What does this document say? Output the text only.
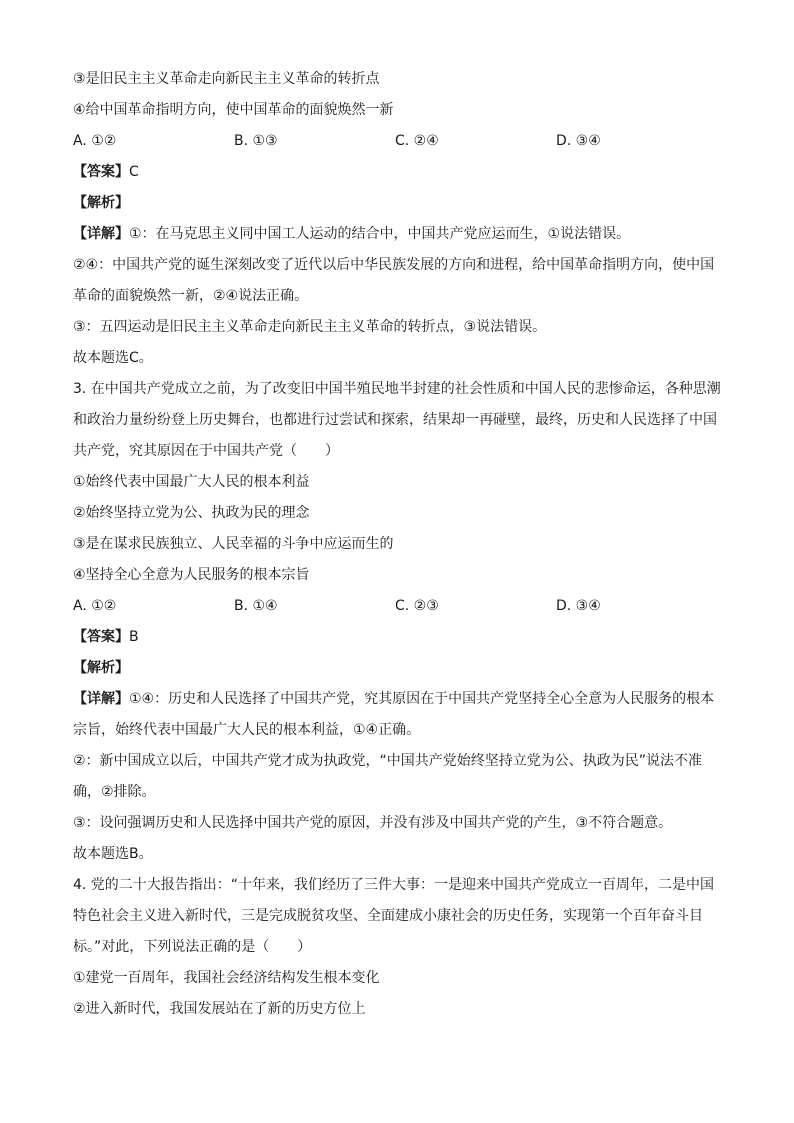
③是旧民主主义革命走向新民主主义革命的转折点
④给中国革命指明方向，使中国革命的面貌焕然一新
A. ①②	B. ①③	C. ②④	D. ③④
【答案】C
【解析】
【详解】①：在马克思主义同中国工人运动的结合中，中国共产党应运而生，①说法错误。
②④：中国共产党的诞生深刻改变了近代以后中华民族发展的方向和进程，给中国革命指明方向，使中国
革命的面貌焕然一新，②④说法正确。
③：五四运动是旧民主主义革命走向新民主主义革命的转折点，③说法错误。
故本题选C。
3. 在中国共产党成立之前，为了改变旧中国半殖民地半封建的社会性质和中国人民的悲惨命运，各种思潮
和政治力量纷纷登上历史舞台，也都进行过尝试和探索，结果却一再碰壁，最终，历史和人民选择了中国
共产党，究其原因在于中国共产党（　　）
①始终代表中国最广大人民的根本利益
②始终坚持立党为公、执政为民的理念
③是在谋求民族独立、人民幸福的斗争中应运而生的
④坚持全心全意为人民服务的根本宗旨
A. ①②	B. ①④	C. ②③	D. ③④
【答案】B
【解析】
【详解】①④：历史和人民选择了中国共产党，究其原因在于中国共产党坚持全心全意为人民服务的根本
宗旨，始终代表中国最广大人民的根本利益，①④正确。
②：新中国成立以后，中国共产党才成为执政党，“中国共产党始终坚持立党为公、执政为民”说法不准
确，②排除。
③：设问强调历史和人民选择中国共产党的原因，并没有涉及中国共产党的产生，③不符合题意。
故本题选B。
4. 党的二十大报告指出：“十年来，我们经历了三件大事：一是迎来中国共产党成立一百周年，二是中国
特色社会主义进入新时代，三是完成脱贫攻坚、全面建成小康社会的历史任务，实现第一个百年奋斗目
标。”对此，下列说法正确的是（　　）
①建党一百周年，我国社会经济结构发生根本变化
②进入新时代，我国发展站在了新的历史方位上
